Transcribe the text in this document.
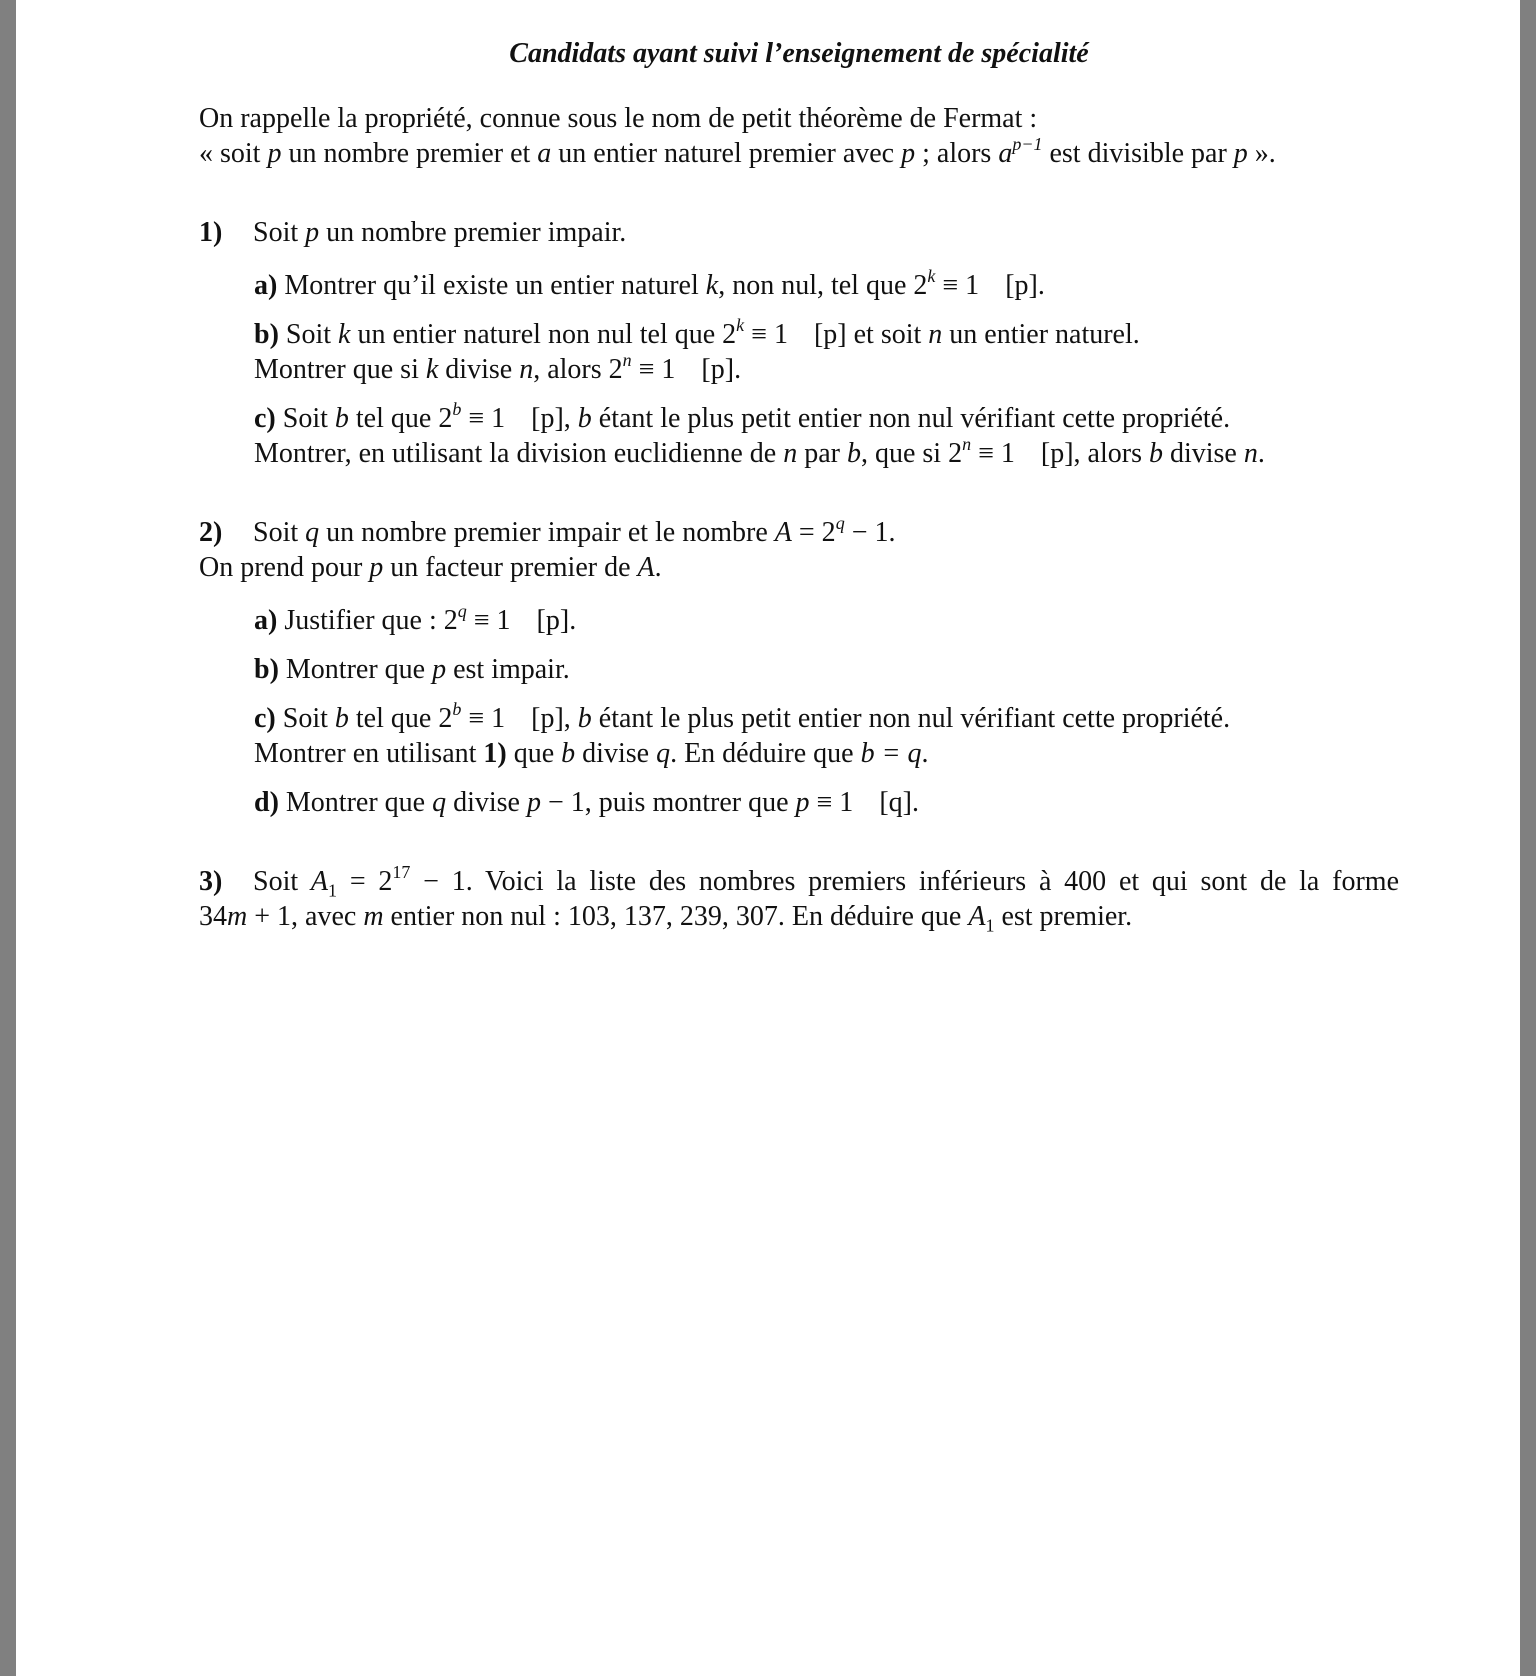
Candidats ayant suivi l’enseignement de spécialité

On rappelle la propriété, connue sous le nom de petit théorème de Fermat :

« soit p un nombre premier et a un entier naturel premier avec p ; alors $a^{p-1}$ est divisible par p ».

1) Soit p un nombre premier impair.

a) Montrer qu’il existe un entier naturel k, non nul, tel que $2^k \equiv 1$ [p].
b) Soit k un entier naturel non nul tel que $2^k \equiv 1$ [p] et soit n un entier naturel.
Montrer que si k divise n, alors $2^n \equiv 1$ [p].
c) Soit b tel que $2^b \equiv 1$ [p], b étant le plus petit entier non nul vérifiant cette propriété.
Montrer, en utilisant la division euclidienne de n par b, que si $2^n \equiv 1$ [p], alors b divise n.

2) Soit q un nombre premier impair et le nombre $A = 2^q - 1$.

On prend pour p un facteur premier de A.

a) Justifier que : $2^q \equiv 1$ [p].
b) Montrer que p est impair.
c) Soit b tel que $2^b \equiv 1$ [p], b étant le plus petit entier non nul vérifiant cette propriété.
Montrer en utilisant 1) que b divise q. En déduire que b = q.
d) Montrer que q divise p − 1, puis montrer que p ≡ 1 [q].

3) Soit $A_1 = 2^{17} - 1$. Voici la liste des nombres premiers inférieurs à 400 et qui sont de la forme

34m + 1, avec m entier non nul : 103, 137, 239, 307. En déduire que $A_1$ est premier.
